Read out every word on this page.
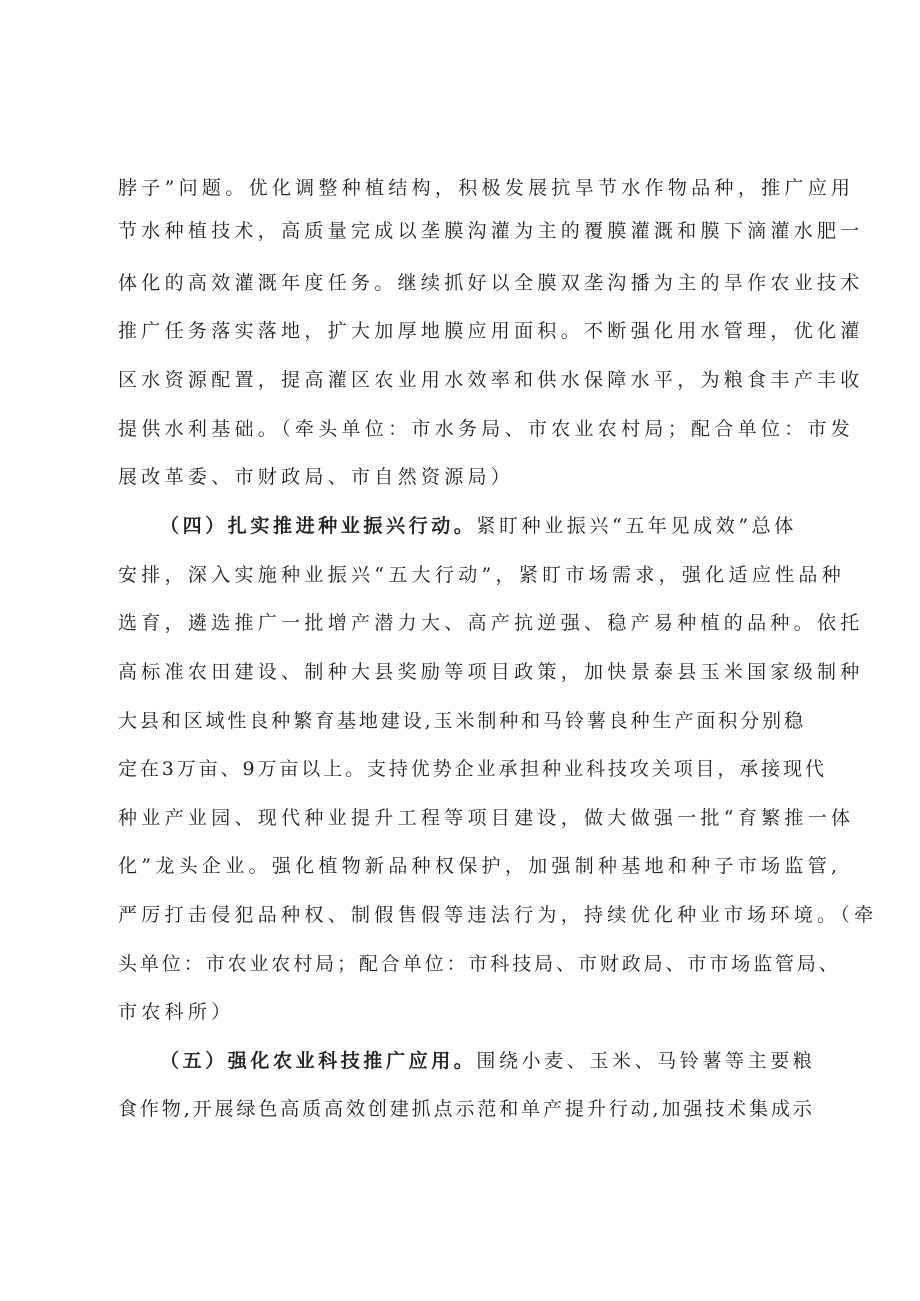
脖子”问题。优化调整种植结构，积极发展抗旱节水作物品种，推广应用
节水种植技术，高质量完成以垄膜沟灌为主的覆膜灌溉和膜下滴灌水肥一
体化的高效灌溉年度任务。继续抓好以全膜双垄沟播为主的旱作农业技术
推广任务落实落地，扩大加厚地膜应用面积。不断强化用水管理，优化灌
区水资源配置，提高灌区农业用水效率和供水保障水平，为粮食丰产丰收
提供水利基础。（牵头单位：市水务局、市农业农村局；配合单位：市发
展改革委、市财政局、市自然资源局）
（四）扎实推进种业振兴行动。紧盯种业振兴“五年见成效”总体
安排，深入实施种业振兴“五大行动”，紧盯市场需求，强化适应性品种
选育，遴选推广一批增产潜力大、高产抗逆强、稳产易种植的品种。依托
高标准农田建设、制种大县奖励等项目政策，加快景泰县玉米国家级制种
大县和区域性良种繁育基地建设,玉米制种和马铃薯良种生产面积分别稳
定在3万亩、9万亩以上。支持优势企业承担种业科技攻关项目，承接现代
种业产业园、现代种业提升工程等项目建设，做大做强一批“育繁推一体
化”龙头企业。强化植物新品种权保护，加强制种基地和种子市场监管,
严厉打击侵犯品种权、制假售假等违法行为，持续优化种业市场环境。（牵
头单位：市农业农村局；配合单位：市科技局、市财政局、市市场监管局、
市农科所）
（五）强化农业科技推广应用。围绕小麦、玉米、马铃薯等主要粮
食作物,开展绿色高质高效创建抓点示范和单产提升行动,加强技术集成示
